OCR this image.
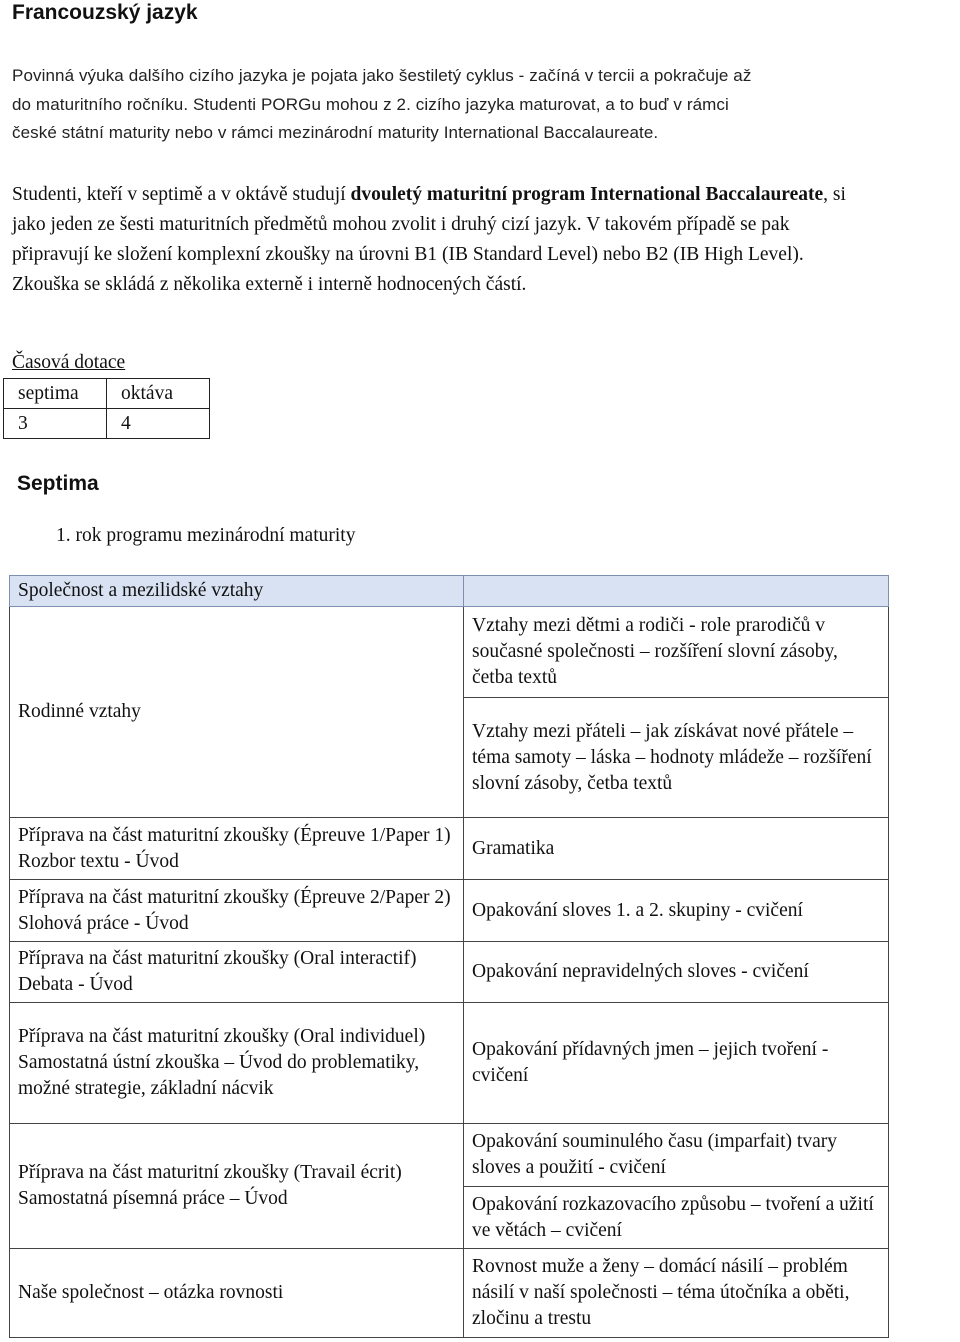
Francouzský jazyk
Povinná výuka dalšího cizího jazyka je pojata jako šestiletý cyklus - začíná v tercii a pokračuje až
do maturitního ročníku. Studenti PORGu mohou z 2. cizího jazyka maturovat, a to buď v rámci
české státní maturity nebo v rámci mezinárodní maturity International Baccalaureate.
Studenti, kteří v septimě a v oktávě studují dvouletý maturitní program International Baccalaureate, si
jako jeden ze šesti maturitních předmětů mohou zvolit i druhý cizí jazyk. V takovém případě se pak
připravují ke složení komplexní zkoušky na úrovni B1 (IB Standard Level) nebo B2 (IB High Level).
Zkouška se skládá z několika externě i interně hodnocených částí.
Časová dotace
septima	oktáva
3	4
Septima
1. rok programu mezinárodní maturity
Společnost a mezilidské vztahy	
Rodinné vztahy	Vztahy mezi dětmi a rodiči - role prarodičů v současné společnosti – rozšíření slovní zásoby, četba textů
	Vztahy mezi přáteli – jak získávat nové přátele – téma samoty – láska – hodnoty mládeže – rozšíření slovní zásoby, četba textů
Příprava na část maturitní zkoušky (Épreuve 1/Paper 1) Rozbor textu - Úvod	Gramatika
Příprava na část maturitní zkoušky (Épreuve 2/Paper 2) Slohová práce - Úvod	Opakování sloves 1. a 2. skupiny - cvičení
Příprava na část maturitní zkoušky (Oral interactif) Debata - Úvod	Opakování nepravidelných sloves - cvičení
Příprava na část maturitní zkoušky (Oral individuel) Samostatná ústní zkouška – Úvod do problematiky, možné strategie, základní nácvik	Opakování přídavných jmen – jejich tvoření - cvičení
Příprava na část maturitní zkoušky (Travail écrit) Samostatná písemná práce – Úvod	Opakování souminulého času (imparfait) tvary sloves a použití - cvičení
	Opakování rozkazovacího způsobu – tvoření a užití ve větách – cvičení
Naše společnost – otázka rovnosti	Rovnost muže a ženy – domácí násilí – problém násilí v naší společnosti – téma útočníka a oběti, zločinu a trestu
